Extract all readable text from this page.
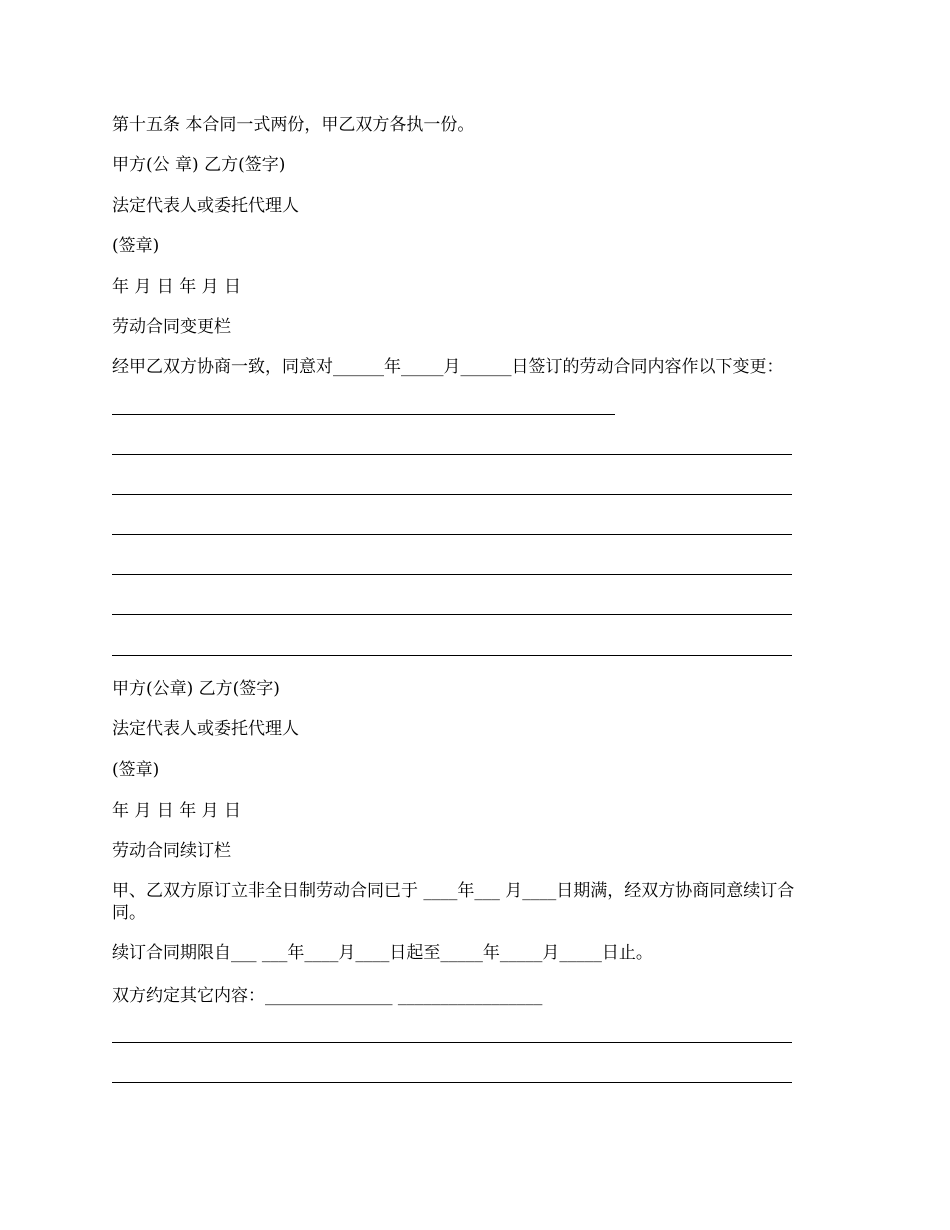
第十五条 本合同一式两份，甲乙双方各执一份。
甲方(公 章) 乙方(签字)
法定代表人或委托代理人
(签章)
年 月 日 年 月 日
劳动合同变更栏
经甲乙双方协商一致，同意对______年_____月______日签订的劳动合同内容作以下变更：
甲方(公章) 乙方(签字)
法定代表人或委托代理人
(签章)
年 月 日 年 月 日
劳动合同续订栏
甲、乙双方原订立非全日制劳动合同已于 ____年___ 月____日期满，经双方协商同意续订合同。
续订合同期限自___ ___年____月____日起至_____年_____月_____日止。
双方约定其它内容：_______________ _________________
